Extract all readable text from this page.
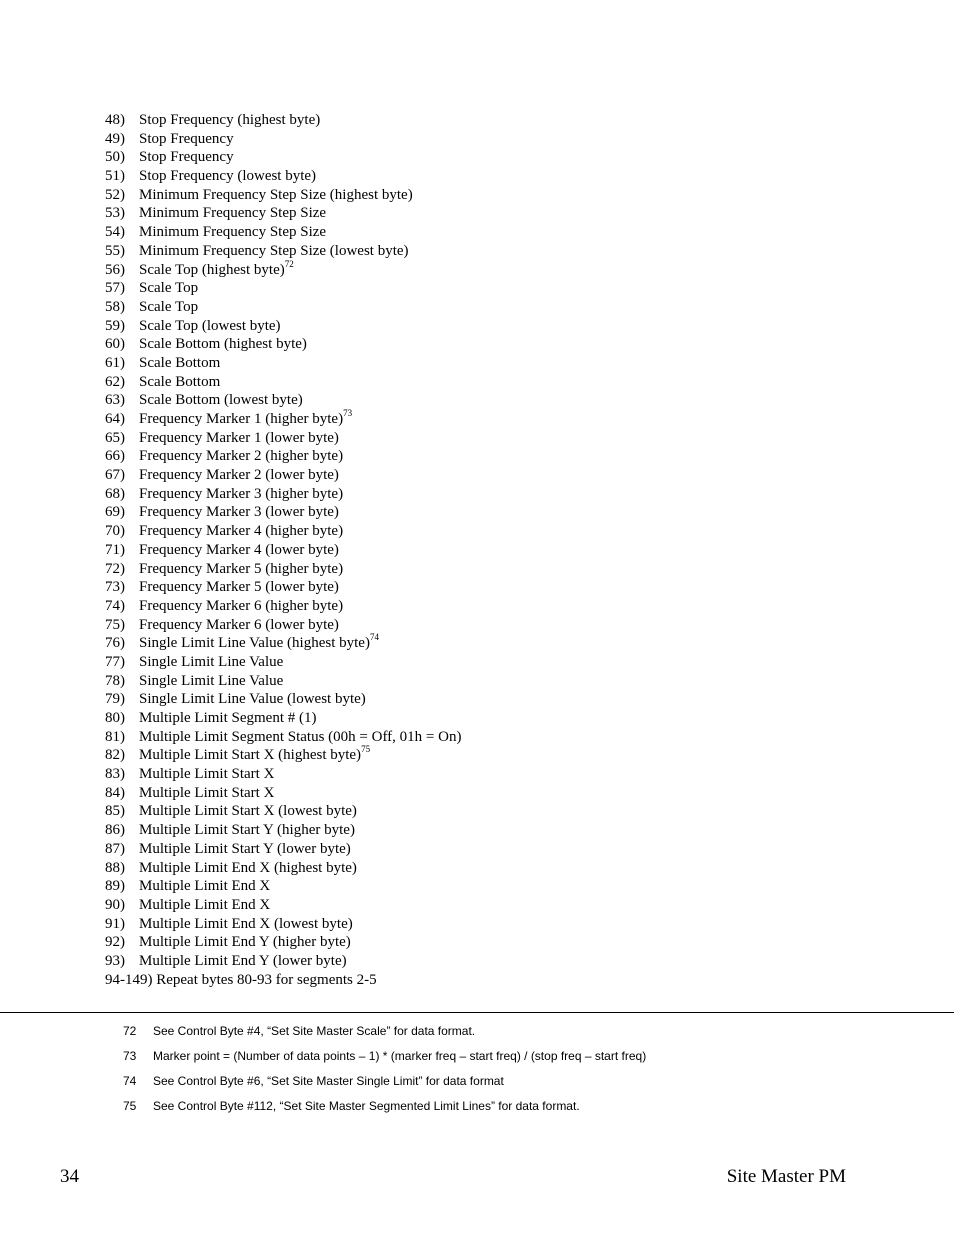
48) Stop Frequency (highest byte)
49) Stop Frequency
50) Stop Frequency
51) Stop Frequency (lowest byte)
52) Minimum Frequency Step Size (highest byte)
53) Minimum Frequency Step Size
54) Minimum Frequency Step Size
55) Minimum Frequency Step Size (lowest byte)
56) Scale Top (highest byte)$^{72}$
57) Scale Top
58) Scale Top
59) Scale Top (lowest byte)
60) Scale Bottom (highest byte)
61) Scale Bottom
62) Scale Bottom
63) Scale Bottom (lowest byte)
64) Frequency Marker 1 (higher byte)$^{73}$
65) Frequency Marker 1 (lower byte)
66) Frequency Marker 2 (higher byte)
67) Frequency Marker 2 (lower byte)
68) Frequency Marker 3 (higher byte)
69) Frequency Marker 3 (lower byte)
70) Frequency Marker 4 (higher byte)
71) Frequency Marker 4 (lower byte)
72) Frequency Marker 5 (higher byte)
73) Frequency Marker 5 (lower byte)
74) Frequency Marker 6 (higher byte)
75) Frequency Marker 6 (lower byte)
76) Single Limit Line Value (highest byte)$^{74}$
77) Single Limit Line Value
78) Single Limit Line Value
79) Single Limit Line Value (lowest byte)
80) Multiple Limit Segment # (1)
81) Multiple Limit Segment Status (00h = Off, 01h = On)
82) Multiple Limit Start X (highest byte)$^{75}$
83) Multiple Limit Start X
84) Multiple Limit Start X
85) Multiple Limit Start X (lowest byte)
86) Multiple Limit Start Y (higher byte)
87) Multiple Limit Start Y (lower byte)
88) Multiple Limit End X (highest byte)
89) Multiple Limit End X
90) Multiple Limit End X
91) Multiple Limit End X (lowest byte)
92) Multiple Limit End Y (higher byte)
93) Multiple Limit End Y (lower byte)
94-149) Repeat bytes 80-93 for segments 2-5
72 See Control Byte #4, “Set Site Master Scale” for data format.
73 Marker point = (Number of data points – 1) * (marker freq – start freq) / (stop freq – start freq)
74 See Control Byte #6, “Set Site Master Single Limit” for data format
75 See Control Byte #112, “Set Site Master Segmented Limit Lines” for data format.
34	Site Master PM
